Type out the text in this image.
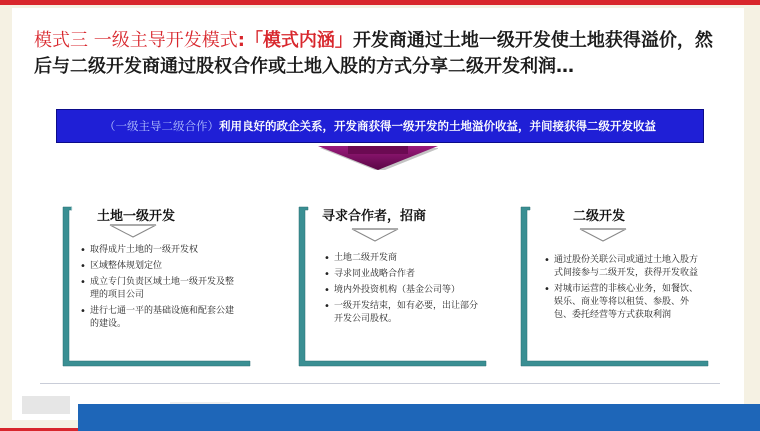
模式三 一级主导开发模式:「模式内涵」开发商通过土地一级开发使土地获得溢价，然后与二级开发商通过股权合作或土地入股的方式分享二级开发利润…
（一级主导二级合作） 利用良好的政企关系，开发商获得一级开发的土地溢价收益，并间接获得二级开发收益
土地一级开发
• 取得成片土地的一级开发权
• 区域整体规划定位
• 成立专门负责区域土地一级开发及整理的项目公司
• 进行七通一平的基础设施和配套公建的建设。
寻求合作者，招商
• 土地二级开发商
• 寻求同业战略合作者
• 境内外投资机构（基金公司等）
• 一级开发结束，如有必要，出让部分开发公司股权。
二级开发
• 通过股份关联公司或通过土地入股方式间接参与二级开发，获得开发收益
• 对城市运营的非核心业务，如餐饮、娱乐、商业等将以租赁、参股、外包、委托经营等方式获取利润
